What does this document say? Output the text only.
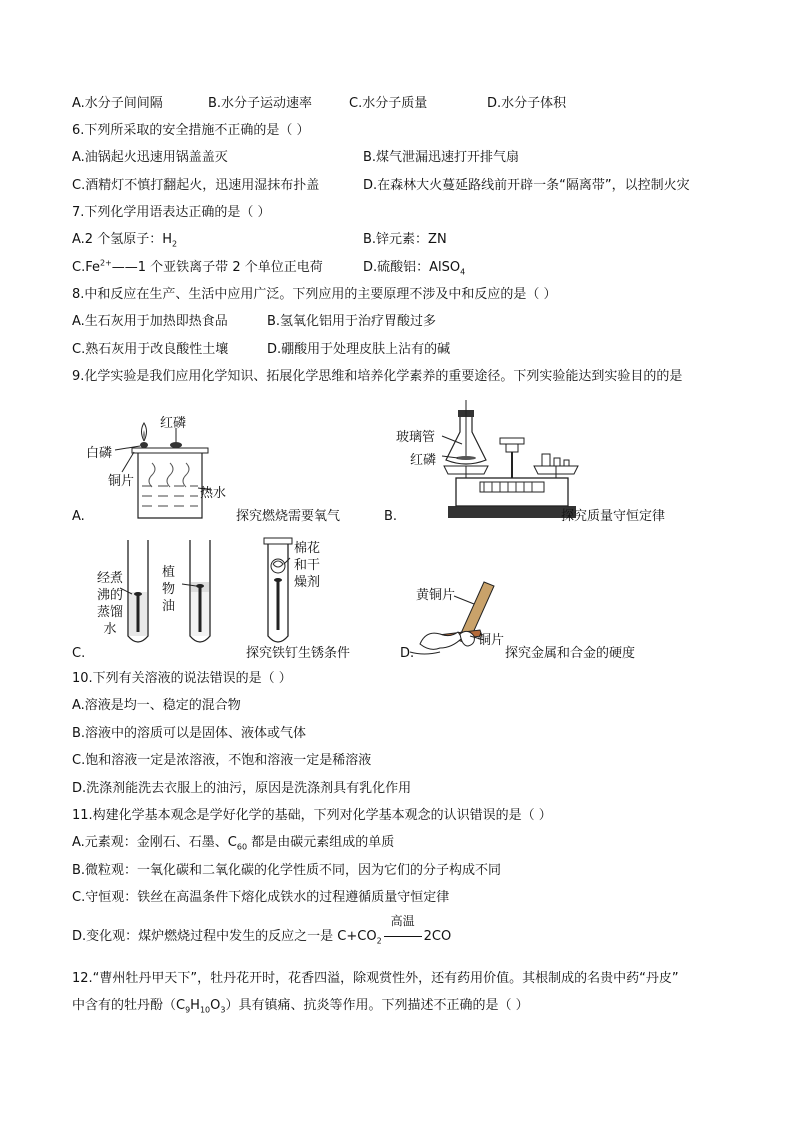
A.水分子间间隔	B.水分子运动速率	C.水分子质量	D.水分子体积
6.下列所采取的安全措施不正确的是（ ）
A.油锅起火迅速用锅盖盖灭	B.煤气泄漏迅速打开排气扇
C.酒精灯不慎打翻起火，迅速用湿抹布扑盖	D.在森林大火蔓延路线前开辟一条“隔离带”，以控制火灾
7.下列化学用语表达正确的是（ ）
A.2 个氢原子：$H_2$	B.锌元素：ZN
$C.Fe^{2+}——1$ 个亚铁离子带 2 个单位正电荷	D.硫酸铝：AlSO$_4$
8.中和反应在生产、生活中应用广泛。下列应用的主要原理不涉及中和反应的是（ ）
A.生石灰用于加热即热食品	B.氢氧化铝用于治疗胃酸过多
C.熟石灰用于改良酸性土壤	D.硼酸用于处理皮肤上沾有的碱
9.化学实验是我们应用化学知识、拓展化学思维和培养化学素养的重要途径。下列实验能达到实验目的的是
红磷
白磷
铜片
热水
A.	探究燃烧需要氧气
玻璃管
红磷
B.	探究质量守恒定律
经煮
沸的
蒸馏
水
植
物
油
棉花
和干
燥剂
C.	探究铁钉生锈条件
黄铜片
铜片
D.	探究金属和合金的硬度
10.下列有关溶液的说法错误的是（ ）
A.溶液是均一、稳定的混合物
B.溶液中的溶质可以是固体、液体或气体
C.饱和溶液一定是浓溶液，不饱和溶液一定是稀溶液
D.洗涤剂能洗去衣服上的油污，原因是洗涤剂具有乳化作用
11.构建化学基本观念是学好化学的基础，下列对化学基本观念的认识错误的是（ ）
A.元素观：金刚石、石墨、$C_{60}$ 都是由碳元素组成的单质
B.微粒观：一氧化碳和二氧化碳的化学性质不同，因为它们的分子构成不同
C.守恒观：铁丝在高温条件下熔化成铁水的过程遵循质量守恒定律
D.变化观：煤炉燃烧过程中发生的反应之一是 $C+CO_2$
高温
2CO
12.“曹州牡丹甲天下”，牡丹花开时，花香四溢，除观赏性外，还有药用价值。其根制成的名贵中药“丹皮”
中含有的牡丹酚$(C_9H_{10}O_3)$具有镇痛、抗炎等作用。下列描述不正确的是（ ）
